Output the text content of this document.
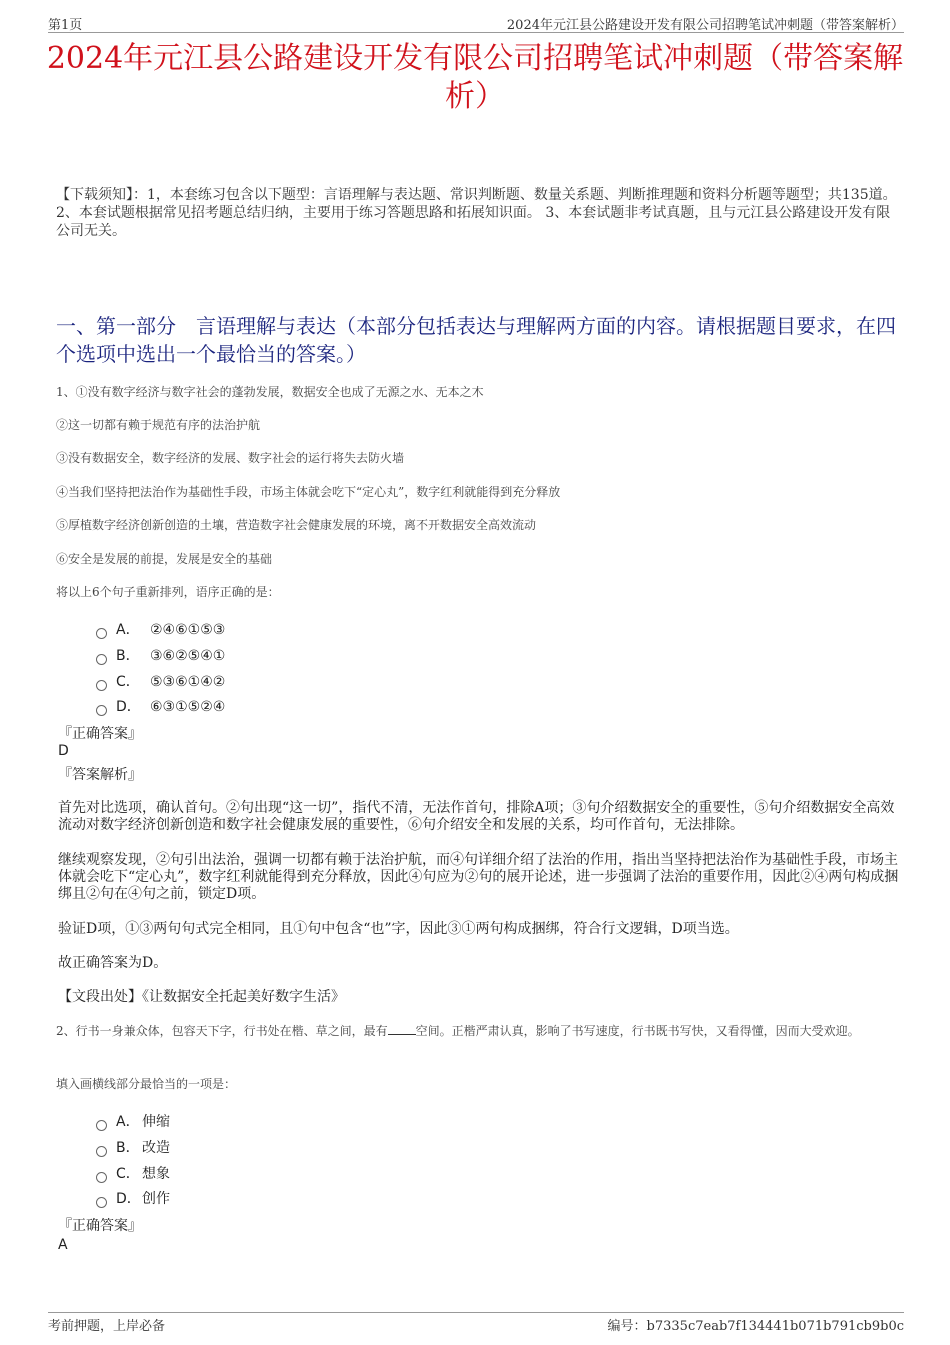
第1页	2024年元江县公路建设开发有限公司招聘笔试冲刺题（带答案解析）
2024年元江县公路建设开发有限公司招聘笔试冲刺题（带答案解析）
【下载须知】：1，本套练习包含以下题型：言语理解与表达题、常识判断题、数量关系题、判断推理题和资料分析题等题型；共135道。 2、本套试题根据常见招考题总结归纳，主要用于练习答题思路和拓展知识面。 3、本套试题非考试真题，且与元江县公路建设开发有限公司无关。
一、第一部分　言语理解与表达（本部分包括表达与理解两方面的内容。请根据题目要求，在四个选项中选出一个最恰当的答案。）
1、①没有数字经济与数字社会的蓬勃发展，数据安全也成了无源之水、无本之木
②这一切都有赖于规范有序的法治护航
③没有数据安全，数字经济的发展、数字社会的运行将失去防火墙
④当我们坚持把法治作为基础性手段，市场主体就会吃下“定心丸”，数字红利就能得到充分释放
⑤厚植数字经济创新创造的土壤，营造数字社会健康发展的环境，离不开数据安全高效流动
⑥安全是发展的前提，发展是安全的基础
将以上6个句子重新排列，语序正确的是：
A． ②④⑥①⑤③
B． ③⑥②⑤④①
C． ⑤③⑥①④②
D． ⑥③①⑤②④
『正确答案』
D
『答案解析』
首先对比选项，确认首句。②句出现“这一切”，指代不清，无法作首句，排除A项；③句介绍数据安全的重要性，⑤句介绍数据安全高效流动对数字经济创新创造和数字社会健康发展的重要性，⑥句介绍安全和发展的关系，均可作首句，无法排除。
继续观察发现，②句引出法治，强调一切都有赖于法治护航，而④句详细介绍了法治的作用，指出当坚持把法治作为基础性手段，市场主体就会吃下“定心丸”，数字红利就能得到充分释放，因此④句应为②句的展开论述，进一步强调了法治的重要作用，因此②④两句构成捆绑且②句在④句之前，锁定D项。
验证D项，①③两句句式完全相同，且①句中包含“也”字，因此③①两句构成捆绑，符合行文逻辑，D项当选。
故正确答案为D。
【文段出处】《让数据安全托起美好数字生活》
2、行书一身兼众体，包容天下字，行书处在楷、草之间，最有 空间。正楷严肃认真，影响了书写速度，行书既书写快，又看得懂，因而大受欢迎。
填入画横线部分最恰当的一项是：
A． 伸缩
B． 改造
C． 想象
D．创作
『正确答案』
A
考前押题，上岸必备	编号：b7335c7eab7f134441b071b791cb9b0c
